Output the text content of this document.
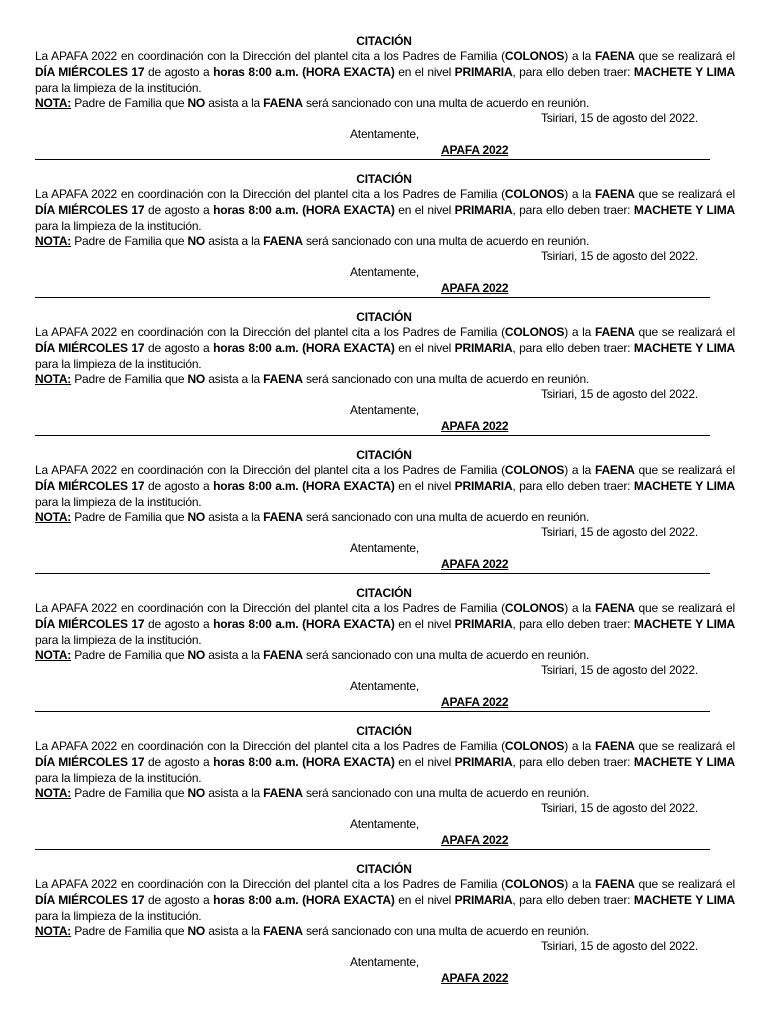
CITACIÓN

La APAFA 2022 en coordinación con la Dirección del plantel cita a los Padres de Familia (COLONOS) a la FAENA que se realizará el

DÍA MIÉRCOLES 17 de agosto a horas 8:00 a.m. (HORA EXACTA) en el nivel PRIMARIA, para ello deben traer: MACHETE Y LIMA

para la limpieza de la institución.

NOTA: Padre de Familia que NO asista a la FAENA será sancionado con una multa de acuerdo en reunión.

Tsiriari, 15 de agosto del 2022.
Atentamente,
APAFA 2022
CITACIÓN

La APAFA 2022 en coordinación con la Dirección del plantel cita a los Padres de Familia (COLONOS) a la FAENA que se realizará el

DÍA MIÉRCOLES 17 de agosto a horas 8:00 a.m. (HORA EXACTA) en el nivel PRIMARIA, para ello deben traer: MACHETE Y LIMA

para la limpieza de la institución.

NOTA: Padre de Familia que NO asista a la FAENA será sancionado con una multa de acuerdo en reunión.

Tsiriari, 15 de agosto del 2022.
Atentamente,
APAFA 2022
CITACIÓN

La APAFA 2022 en coordinación con la Dirección del plantel cita a los Padres de Familia (COLONOS) a la FAENA que se realizará el

DÍA MIÉRCOLES 17 de agosto a horas 8:00 a.m. (HORA EXACTA) en el nivel PRIMARIA, para ello deben traer: MACHETE Y LIMA

para la limpieza de la institución.

NOTA: Padre de Familia que NO asista a la FAENA será sancionado con una multa de acuerdo en reunión.

Tsiriari, 15 de agosto del 2022.
Atentamente,
APAFA 2022
CITACIÓN

La APAFA 2022 en coordinación con la Dirección del plantel cita a los Padres de Familia (COLONOS) a la FAENA que se realizará el

DÍA MIÉRCOLES 17 de agosto a horas 8:00 a.m. (HORA EXACTA) en el nivel PRIMARIA, para ello deben traer: MACHETE Y LIMA

para la limpieza de la institución.

NOTA: Padre de Familia que NO asista a la FAENA será sancionado con una multa de acuerdo en reunión.

Tsiriari, 15 de agosto del 2022.
Atentamente,
APAFA 2022
CITACIÓN

La APAFA 2022 en coordinación con la Dirección del plantel cita a los Padres de Familia (COLONOS) a la FAENA que se realizará el

DÍA MIÉRCOLES 17 de agosto a horas 8:00 a.m. (HORA EXACTA) en el nivel PRIMARIA, para ello deben traer: MACHETE Y LIMA

para la limpieza de la institución.

NOTA: Padre de Familia que NO asista a la FAENA será sancionado con una multa de acuerdo en reunión.

Tsiriari, 15 de agosto del 2022.
Atentamente,
APAFA 2022
CITACIÓN

La APAFA 2022 en coordinación con la Dirección del plantel cita a los Padres de Familia (COLONOS) a la FAENA que se realizará el

DÍA MIÉRCOLES 17 de agosto a horas 8:00 a.m. (HORA EXACTA) en el nivel PRIMARIA, para ello deben traer: MACHETE Y LIMA

para la limpieza de la institución.

NOTA: Padre de Familia que NO asista a la FAENA será sancionado con una multa de acuerdo en reunión.

Tsiriari, 15 de agosto del 2022.
Atentamente,
APAFA 2022
CITACIÓN

La APAFA 2022 en coordinación con la Dirección del plantel cita a los Padres de Familia (COLONOS) a la FAENA que se realizará el

DÍA MIÉRCOLES 17 de agosto a horas 8:00 a.m. (HORA EXACTA) en el nivel PRIMARIA, para ello deben traer: MACHETE Y LIMA

para la limpieza de la institución.

NOTA: Padre de Familia que NO asista a la FAENA será sancionado con una multa de acuerdo en reunión.

Tsiriari, 15 de agosto del 2022.
Atentamente,
APAFA 2022
